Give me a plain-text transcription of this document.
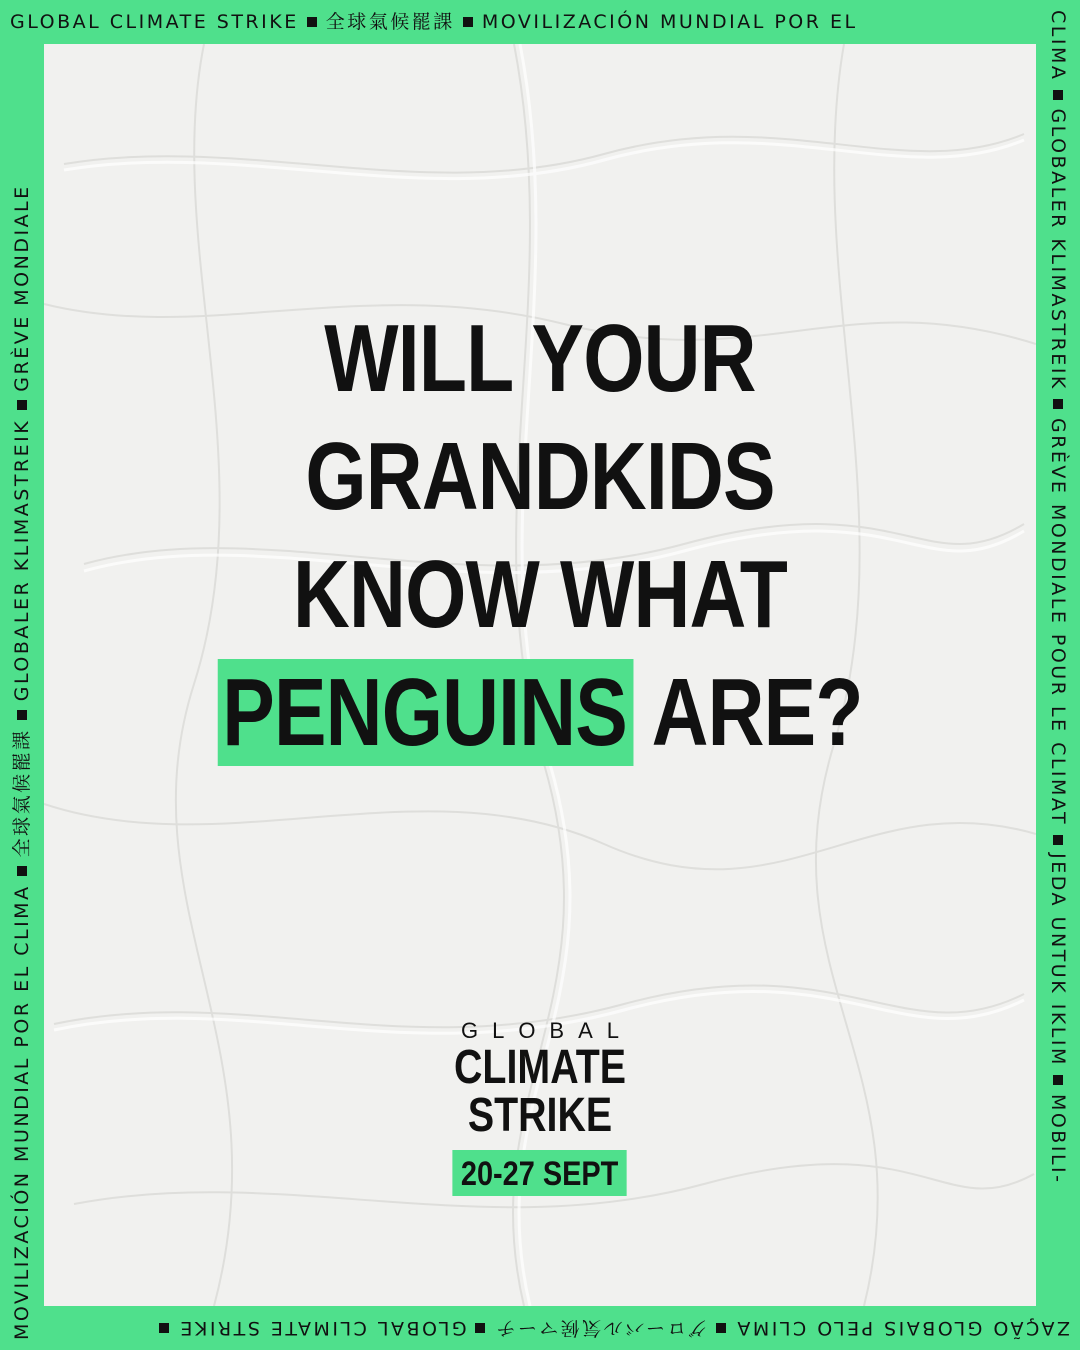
GLOBAL CLIMATE STRIKE 全球氣候罷課 MOVILIZACIÓN MUNDIAL POR EL	CLIMA  GLOBALER KLIMASTREIK  GRÈVE MONDIALE POUR LE CLIMAT  JEDA UNTUK IKLIM  MOBILI-
ZAÇÃO GLOBAIS PELO CLIMA  グローバル気候マーチ  GLOBAL CLIMATE STRIKE
MOVILIZACIÓN MUNDIAL POR EL CLIMA  全球氣候罷課  GLOBALER KLIMASTREIK  GRÈVE MONDIALE	WILL YOUR
GRANDKIDS
KNOW WHAT
PENGUINS ARE?
GLOBAL
CLIMATE
STRIKE
20-27 SEPT
